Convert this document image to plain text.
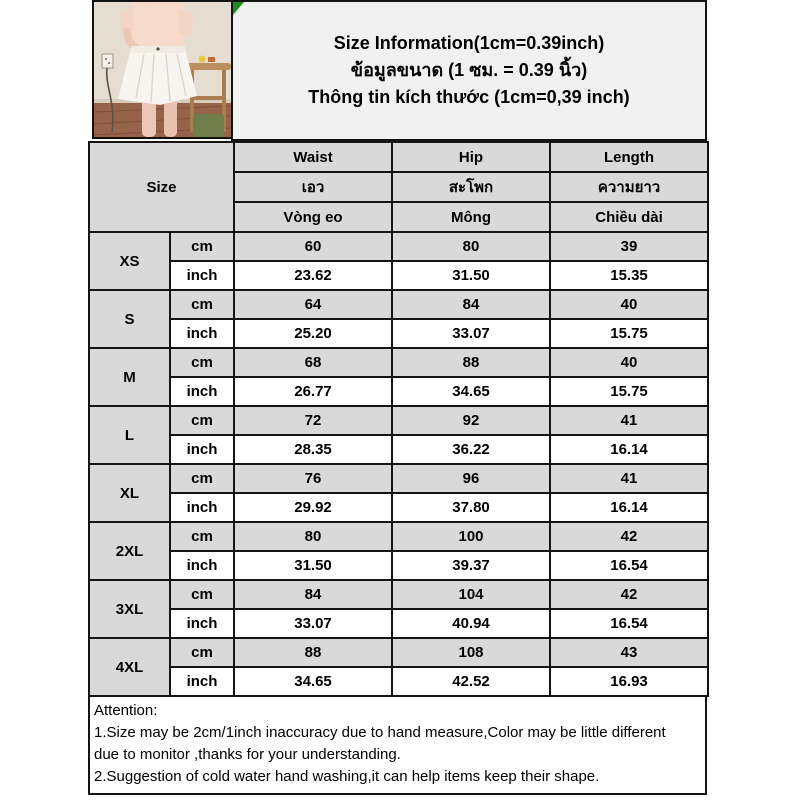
Size Information(1cm=0.39inch)
ข้อมูลขนาด (1 ซม. = 0.39 นิ้ว)
Thông tin kích thước (1cm=0,39 inch)
Size		Waist	Hip	Length
		เอว	สะโพก	ความยาว
		Vòng eo	Mông	Chiều dài
XS	cm	60	80	39
	inch	23.62	31.50	15.35
S	cm	64	84	40
	inch	25.20	33.07	15.75
M	cm	68	88	40
	inch	26.77	34.65	15.75
L	cm	72	92	41
	inch	28.35	36.22	16.14
XL	cm	76	96	41
	inch	29.92	37.80	16.14
2XL	cm	80	100	42
	inch	31.50	39.37	16.54
3XL	cm	84	104	42
	inch	33.07	40.94	16.54
4XL	cm	88	108	43
	inch	34.65	42.52	16.93
Attention:
1.Size may be 2cm/1inch inaccuracy due to hand measure,Color may be little different
due to monitor ,thanks for your understanding.
2.Suggestion of cold water hand washing,it can help items keep their shape.
